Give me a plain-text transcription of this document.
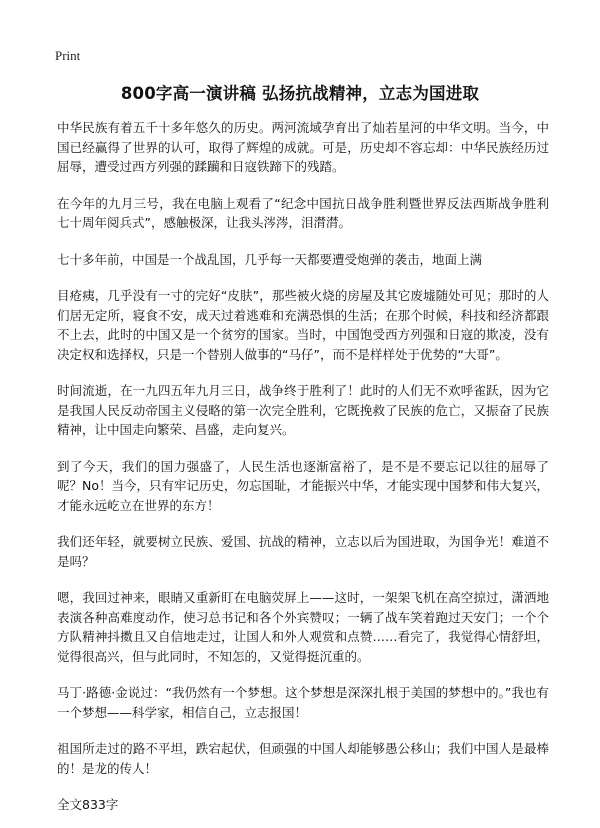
Print
800字高一演讲稿 弘扬抗战精神，立志为国进取

中华民族有着五千十多年悠久的历史。两河流域孕育出了灿若星河的中华文明。当今，中国已经赢得了世界的认可，取得了辉煌的成就。可是，历史却不容忘却：中华民族经历过屈辱，遭受过西方列强的蹂躏和日寇铁蹄下的残踏。

在今年的九月三号，我在电脑上观看了“纪念中国抗日战争胜利暨世界反法西斯战争胜利七十周年阅兵式”，感触极深，让我头涔涔，泪潸潸。

七十多年前，中国是一个战乱国，几乎每一天都要遭受炮弹的袭击，地面上满

目疮痍，几乎没有一寸的完好“皮肤”，那些被火烧的房屋及其它废墟随处可见；那时的人们居无定所，寝食不安，成天过着逃难和充满恐惧的生活；在那个时候，科技和经济都跟不上去，此时的中国又是一个贫穷的国家。当时，中国饱受西方列强和日寇的欺凌，没有决定权和选择权，只是一个替别人做事的“马仔”，而不是样样处于优势的“大哥”。

时间流逝，在一九四五年九月三日，战争终于胜利了！此时的人们无不欢呼雀跃，因为它是我国人民反动帝国主义侵略的第一次完全胜利，它既挽救了民族的危亡，又振奋了民族精神，让中国走向繁荣、昌盛，走向复兴。

到了今天，我们的国力强盛了，人民生活也逐渐富裕了，是不是不要忘记以往的屈辱了呢？No！当今，只有牢记历史，勿忘国耻，才能振兴中华，才能实现中国梦和伟大复兴，才能永远屹立在世界的东方！

我们还年轻，就要树立民族、爱国、抗战的精神，立志以后为国进取，为国争光！难道不是吗？

嗯，我回过神来，眼睛又重新盯在电脑荧屏上——这时，一架架飞机在高空掠过，潇洒地表演各种高难度动作，使习总书记和各个外宾赞叹；一辆了战车笑着跑过天安门；一个个方队精神抖擞且又自信地走过，让国人和外人观赏和点赞……看完了，我觉得心情舒坦，觉得很高兴，但与此同时，不知怎的，又觉得挺沉重的。

马丁·路德·金说过：“我仍然有一个梦想。这个梦想是深深扎根于美国的梦想中的。”我也有一个梦想——科学家，相信自己，立志报国！

祖国所走过的路不平坦，跌宕起伏，但顽强的中国人却能够愚公移山；我们中国人是最棒的！是龙的传人！

全文833字
